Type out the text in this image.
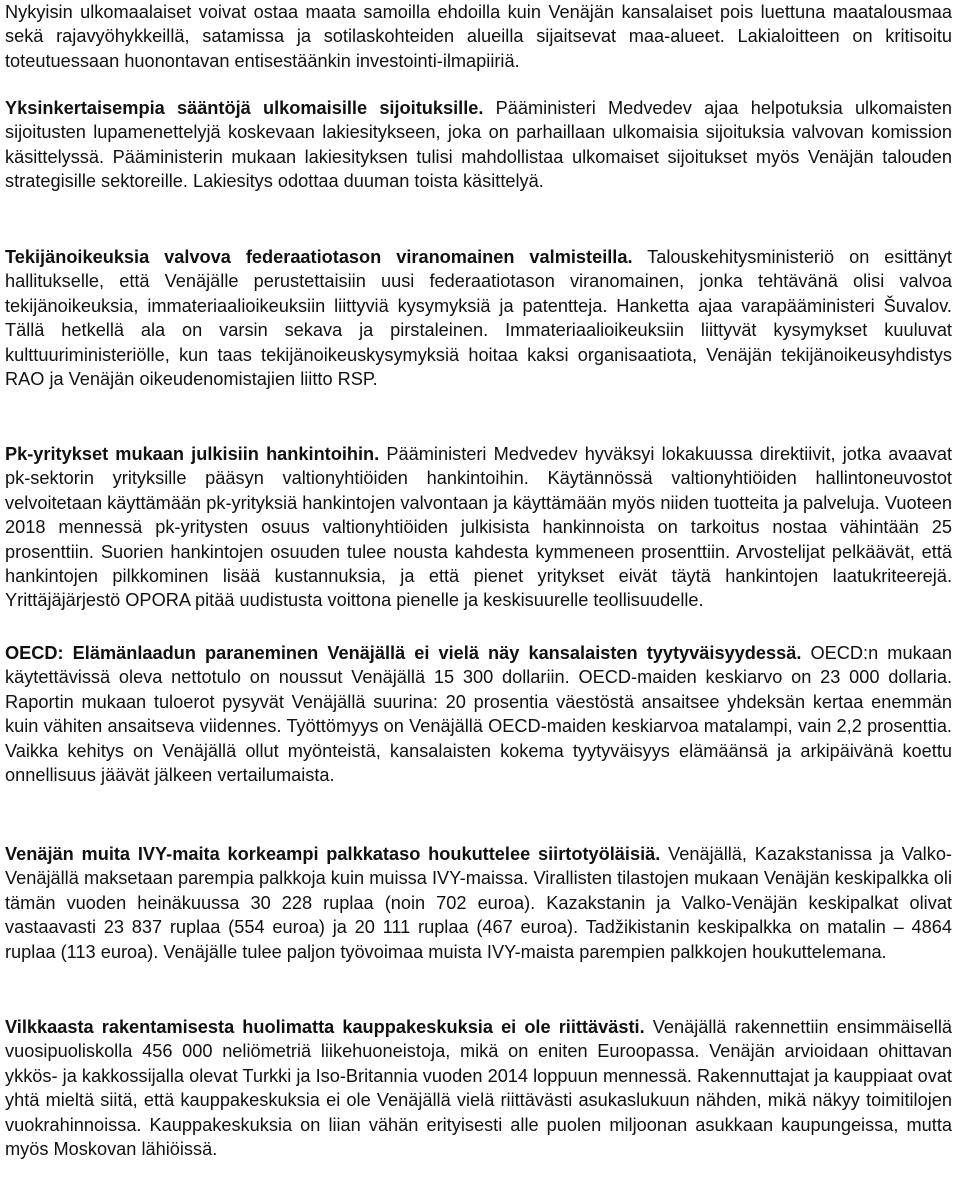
Nykyisin ulkomaalaiset voivat ostaa maata samoilla ehdoilla kuin Venäjän kansalaiset pois luettuna maatalousmaa sekä rajavyöhykkeillä, satamissa ja sotilaskohteiden alueilla sijaitsevat maa-alueet. Lakialoitteen on kritisoitu toteutuessaan huonontavan entisestäänkin investointi-ilmapiiriä.

Yksinkertaisempia sääntöjä ulkomaisille sijoituksille. Pääministeri Medvedev ajaa helpotuksia ulkomaisten sijoitusten lupamenettelyjä koskevaan lakiesitykseen, joka on parhaillaan ulkomaisia sijoituksia valvovan komission käsittelyssä. Pääministerin mukaan lakiesityksen tulisi mahdollistaa ulkomaiset sijoitukset myös Venäjän talouden strategisille sektoreille. Lakiesitys odottaa duuman toista käsittelyä.

Tekijänoikeuksia valvova federaatiotason viranomainen valmisteilla. Talouskehitysministeriö on esittänyt hallitukselle, että Venäjälle perustettaisiin uusi federaatiotason viranomainen, jonka tehtävänä olisi valvoa tekijänoikeuksia, immateriaalioikeuksiin liittyviä kysymyksiä ja patentteja. Hanketta ajaa varapääministeri Šuvalov. Tällä hetkellä ala on varsin sekava ja pirstaleinen. Immateriaalioikeuksiin liittyvät kysymykset kuuluvat kulttuuriministeriölle, kun taas tekijänoikeuskysymyksiä hoitaa kaksi organisaatiota, Venäjän tekijänoikeusyhdistys RAO ja Venäjän oikeudenomistajien liitto RSP.

Pk-yritykset mukaan julkisiin hankintoihin. Pääministeri Medvedev hyväksyi lokakuussa direktiivit, jotka avaavat pk-sektorin yrityksille pääsyn valtionyhtiöiden hankintoihin. Käytännössä valtionyhtiöiden hallintoneuvostot velvoitetaan käyttämään pk-yrityksiä hankintojen valvontaan ja käyttämään myös niiden tuotteita ja palveluja. Vuoteen 2018 mennessä pk-yritysten osuus valtionyhtiöiden julkisista hankinnoista on tarkoitus nostaa vähintään 25 prosenttiin. Suorien hankintojen osuuden tulee nousta kahdesta kymmeneen prosenttiin. Arvostelijat pelkäävät, että hankintojen pilkkominen lisää kustannuksia, ja että pienet yritykset eivät täytä hankintojen laatukriteerejä. Yrittäjäjärjestö OPORA pitää uudistusta voittona pienelle ja keskisuurelle teollisuudelle.

OECD: Elämänlaadun paraneminen Venäjällä ei vielä näy kansalaisten tyytyväisyydessä. OECD:n mukaan käytettävissä oleva nettotulo on noussut Venäjällä 15 300 dollariin. OECD-maiden keskiarvo on 23 000 dollaria. Raportin mukaan tuloerot pysyvät Venäjällä suurina: 20 prosentia väestöstä ansaitsee yhdeksän kertaa enemmän kuin vähiten ansaitseva viidennes. Työttömyys on Venäjällä OECD-maiden keskiarvoa matalampi, vain 2,2 prosenttia. Vaikka kehitys on Venäjällä ollut myönteistä, kansalaisten kokema tyytyväisyys elämäänsä ja arkipäivänä koettu onnellisuus jäävät jälkeen vertailumaista.

Venäjän muita IVY-maita korkeampi palkkataso houkuttelee siirtotyöläisiä. Venäjällä, Kazakstanissa ja Valko-Venäjällä maksetaan parempia palkkoja kuin muissa IVY-maissa. Virallisten tilastojen mukaan Venäjän keskipalkka oli tämän vuoden heinäkuussa 30 228 ruplaa (noin 702 euroa). Kazakstanin ja Valko-Venäjän keskipalkat olivat vastaavasti 23 837 ruplaa (554 euroa) ja 20 111 ruplaa (467 euroa). Tadžikistanin keskipalkka on matalin – 4864 ruplaa (113 euroa). Venäjälle tulee paljon työvoimaa muista IVY-maista parempien palkkojen houkuttelemana.

Vilkkaasta rakentamisesta huolimatta kauppakeskuksia ei ole riittävästi. Venäjällä rakennettiin ensimmäisellä vuosipuoliskolla 456 000 neliömetriä liikehuoneistoja, mikä on eniten Euroopassa. Venäjän arvioidaan ohittavan ykkös- ja kakkossijalla olevat Turkki ja Iso-Britannia vuoden 2014 loppuun mennessä. Rakennuttajat ja kauppiaat ovat yhtä mieltä siitä, että kauppakeskuksia ei ole Venäjällä vielä riittävästi asukaslukuun nähden, mikä näkyy toimitilojen vuokrahinnoissa. Kauppakeskuksia on liian vähän erityisesti alle puolen miljoonan asukkaan kaupungeissa, mutta myös Moskovan lähiöissä.
